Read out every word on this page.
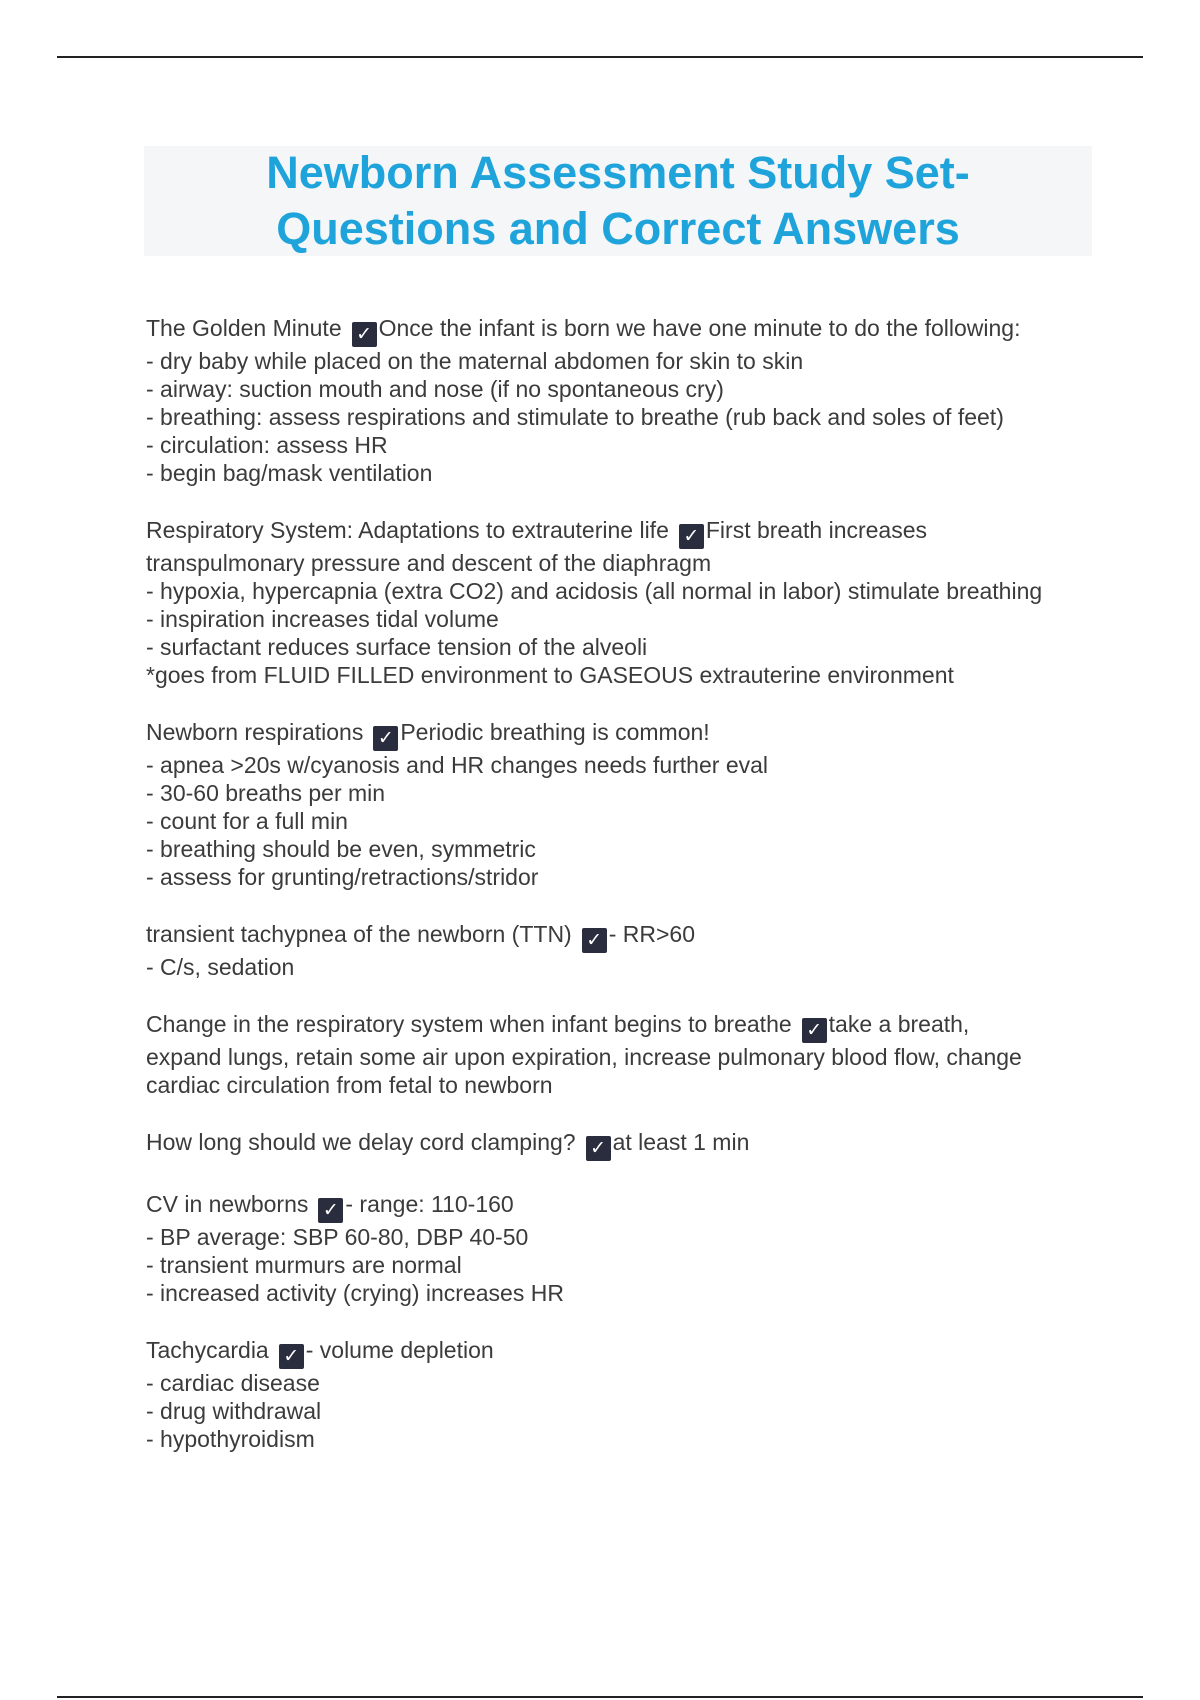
Newborn Assessment Study Set-
Questions and Correct Answers
The Golden Minute ✓ Once the infant is born we have one minute to do the following:
- dry baby while placed on the maternal abdomen for skin to skin
- airway: suction mouth and nose (if no spontaneous cry)
- breathing: assess respirations and stimulate to breathe (rub back and soles of feet)
- circulation: assess HR
- begin bag/mask ventilation
Respiratory System: Adaptations to extrauterine life ✓ First breath increases
transpulmonary pressure and descent of the diaphragm
- hypoxia, hypercapnia (extra CO2) and acidosis (all normal in labor) stimulate breathing
- inspiration increases tidal volume
- surfactant reduces surface tension of the alveoli
*goes from FLUID FILLED environment to GASEOUS extrauterine environment
Newborn respirations ✓ Periodic breathing is common!
- apnea >20s w/cyanosis and HR changes needs further eval
- 30-60 breaths per min
- count for a full min
- breathing should be even, symmetric
- assess for grunting/retractions/stridor
transient tachypnea of the newborn (TTN) ✓ - RR>60
- C/s, sedation
Change in the respiratory system when infant begins to breathe ✓ take a breath,
expand lungs, retain some air upon expiration, increase pulmonary blood flow, change
cardiac circulation from fetal to newborn
How long should we delay cord clamping? ✓ at least 1 min
CV in newborns ✓ - range: 110-160
- BP average: SBP 60-80, DBP 40-50
- transient murmurs are normal
- increased activity (crying) increases HR
Tachycardia ✓ - volume depletion
- cardiac disease
- drug withdrawal
- hypothyroidism
